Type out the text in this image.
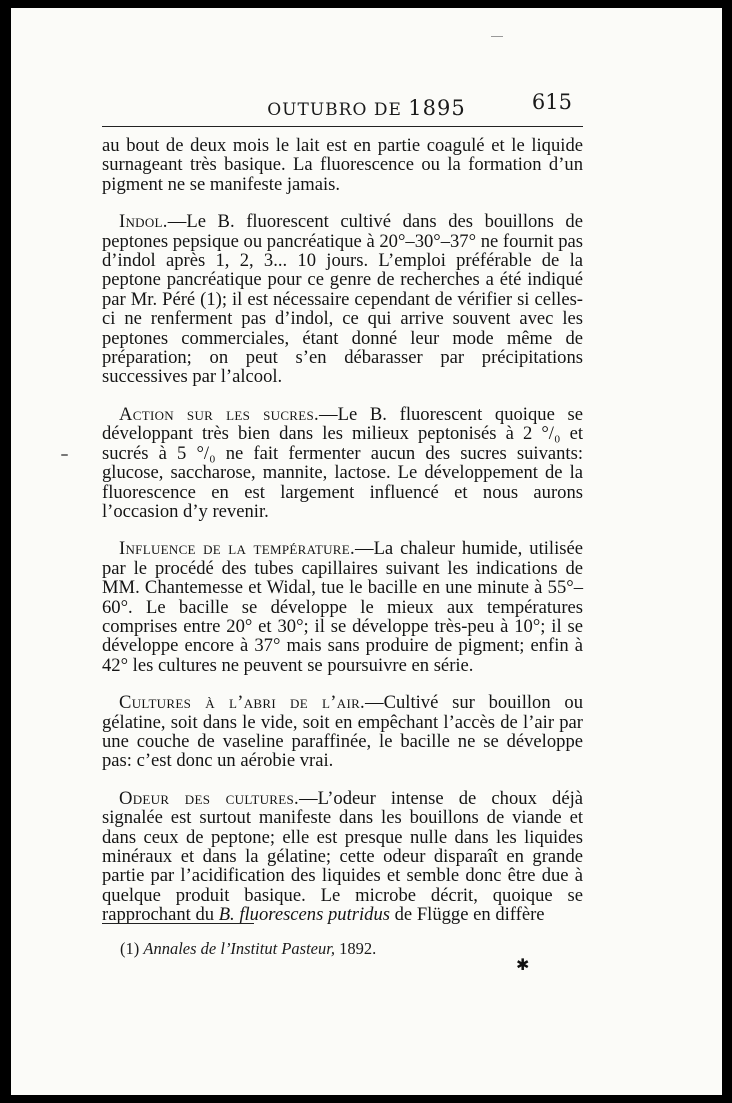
OUTUBRO DE 1895	615

au bout de deux mois le lait est en partie coagulé et le liquide surnageant très basique. La fluorescence ou la formation d’un pigment ne se manifeste jamais.

Indol.—Le B. fluorescent cultivé dans des bouillons de peptones pepsique ou pancréatique à 20°–30°–37° ne fournit pas d’indol après 1, 2, 3... 10 jours. L’emploi préférable de la peptone pancréatique pour ce genre de recherches a été indiqué par Mr. Péré (1); il est nécessaire cependant de vérifier si celles-ci ne renferment pas d’indol, ce qui arrive souvent avec les peptones commerciales, étant donné leur mode même de préparation; on peut s’en débarasser par précipitations successives par l’alcool.

Action sur les sucres.—Le B. fluorescent quoique se développant très bien dans les milieux peptonisés à 2 °/₀ et sucrés à 5 °/₀ ne fait fermenter aucun des sucres suivants: glucose, saccharose, mannite, lactose. Le développement de la fluorescence en est largement influencé et nous aurons l’occasion d’y revenir.

Influence de la température.—La chaleur humide, utilisée par le procédé des tubes capillaires suivant les indications de MM. Chantemesse et Widal, tue le bacille en une minute à 55°–60°. Le bacille se développe le mieux aux températures comprises entre 20° et 30°; il se développe très-peu à 10°; il se développe encore à 37° mais sans produire de pigment; enfin à 42° les cultures ne peuvent se poursuivre en série.

Cultures à l’abri de l’air.—Cultivé sur bouillon ou gélatine, soit dans le vide, soit en empêchant l’accès de l’air par une couche de vaseline paraffinée, le bacille ne se développe pas: c’est donc un aérobie vrai.

Odeur des cultures.—L’odeur intense de choux déjà signalée est surtout manifeste dans les bouillons de viande et dans ceux de peptone; elle est presque nulle dans les liquides minéraux et dans la gélatine; cette odeur disparaît en grande partie par l’acidification des liquides et semble donc être due à quelque produit basique. Le microbe décrit, quoique se rapprochant du B. fluorescens putridus de Flügge en diffère

(1) Annales de l’Institut Pasteur, 1892.
✱
